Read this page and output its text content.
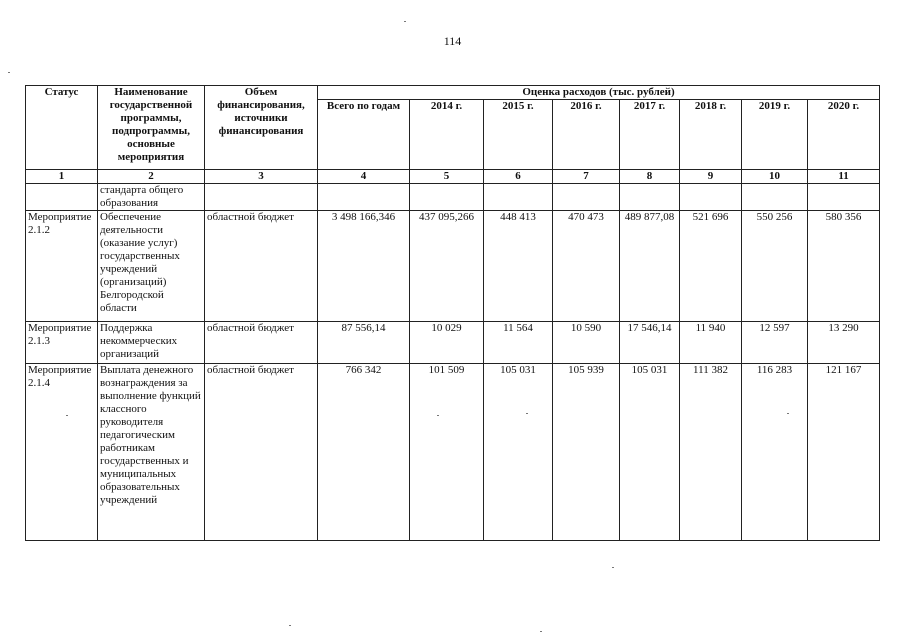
114
Статус	Наименование государственной программы, подпрограммы, основные мероприятия	Объем финансирования, источники финансирования	Оценка расходов (тыс. рублей)							
			Всего по годам	2014 г.	2015 г.	2016 г.	2017 г.	2018 г.	2019 г.	2020 г.
1	2	3	4	5	6	7	8	9	10	11
	стандарта общего образования									
Мероприятие 2.1.2	Обеспечение деятельности (оказание услуг) государственных учреждений (организаций) Белгородской области	областной бюджет	3 498 166,346	437 095,266	448 413	470 473	489 877,08	521 696	550 256	580 356
Мероприятие 2.1.3	Поддержка некоммерческих организаций	областной бюджет	87 556,14	10 029	11 564	10 590	17 546,14	11 940	12 597	13 290
Мероприятие 2.1.4	Выплата денежного вознаграждения за выполнение функций классного руководителя педагогическим работникам государственных и муниципальных образовательных учреждений	областной бюджет	766 342	101 509	105 031	105 939	105 031	111 382	116 283	121 167
